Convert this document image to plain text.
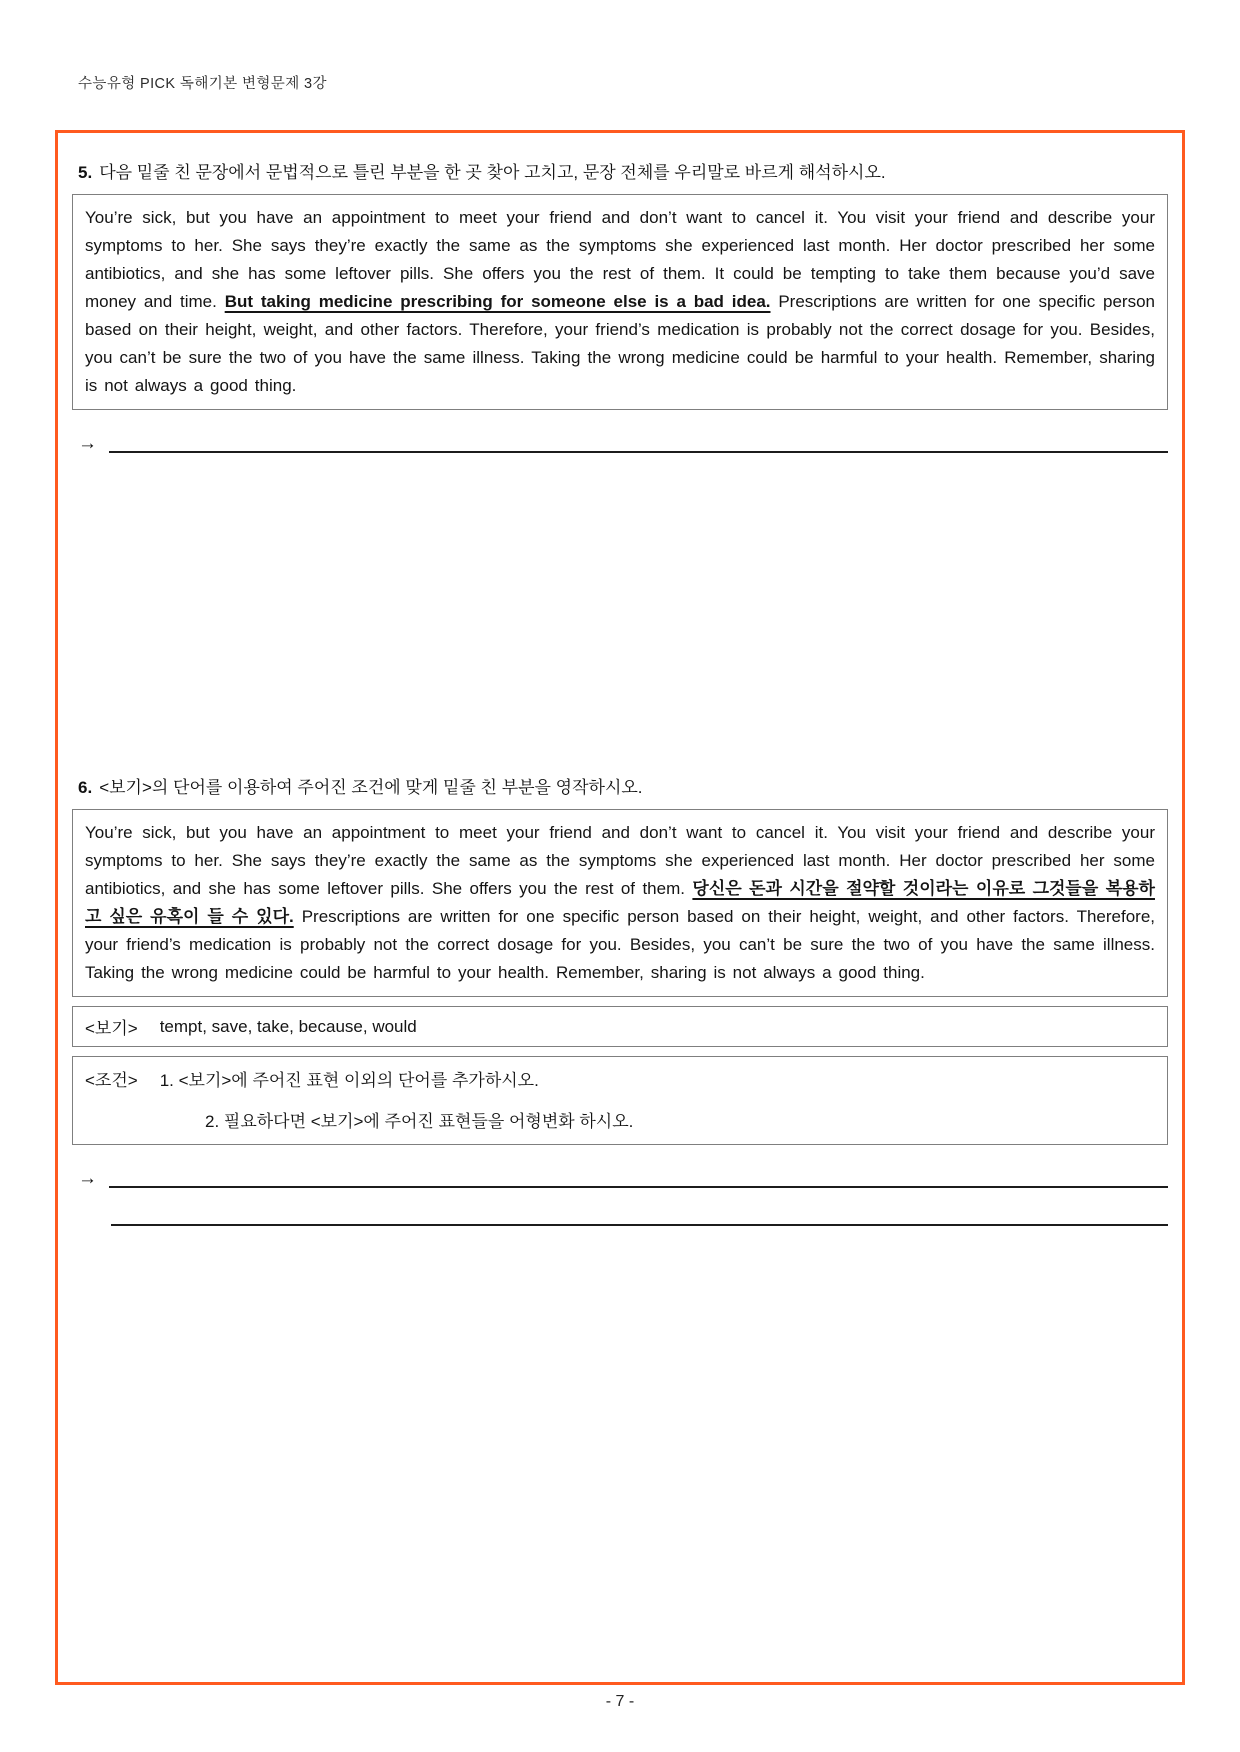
수능유형 PICK 독해기본 변형문제 3강
5. 다음 밑줄 친 문장에서 문법적으로 틀린 부분을 한 곳 찾아 고치고, 문장 전체를 우리말로 바르게 해석하시오.
You’re sick, but you have an appointment to meet your friend and don’t want to cancel it. You visit your friend and describe your symptoms to her. She says they’re exactly the same as the symptoms she experienced last month. Her doctor prescribed her some antibiotics, and she has some leftover pills. She offers you the rest of them. It could be tempting to take them because you’d save money and time. But taking medicine prescribing for someone else is a bad idea. Prescriptions are written for one specific person based on their height, weight, and other factors. Therefore, your friend’s medication is probably not the correct dosage for you. Besides, you can’t be sure the two of you have the same illness. Taking the wrong medicine could be harmful to your health. Remember, sharing is not always a good thing.
→
6. <보기>의 단어를 이용하여 주어진 조건에 맞게 밑줄 친 부분을 영작하시오.
You’re sick, but you have an appointment to meet your friend and don’t want to cancel it. You visit your friend and describe your symptoms to her. She says they’re exactly the same as the symptoms she experienced last month. Her doctor prescribed her some antibiotics, and she has some leftover pills. She offers you the rest of them. 당신은 돈과 시간을 절약할 것이라는 이유로 그것들을 복용하고 싶은 유혹이 들 수 있다. Prescriptions are written for one specific person based on their height, weight, and other factors. Therefore, your friend’s medication is probably not the correct dosage for you. Besides, you can’t be sure the two of you have the same illness. Taking the wrong medicine could be harmful to your health. Remember, sharing is not always a good thing.
<보기> tempt, save, take, because, would
<조건> 1. <보기>에 주어진 표현 이외의 단어를 추가하시오.
2. 필요하다면 <보기>에 주어진 표현들을 어형변화 하시오.
→
- 7 -
